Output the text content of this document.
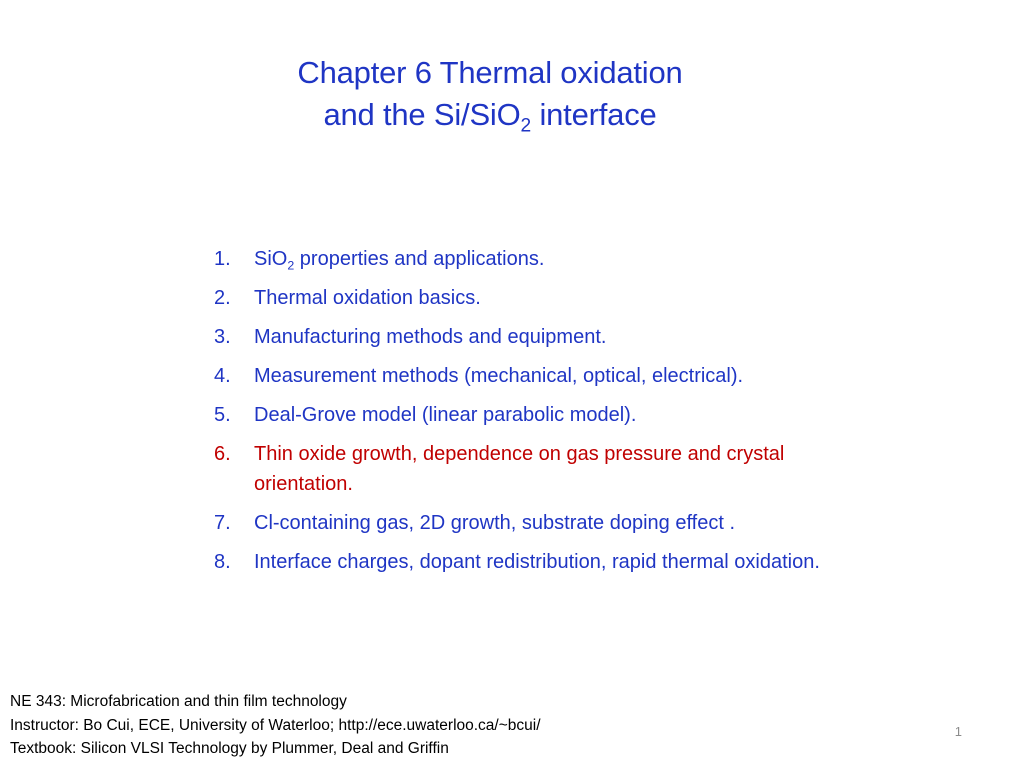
Chapter 6 Thermal oxidation
and the Si/SiO$_2$ interface
1. SiO$_2$ properties and applications.
2. Thermal oxidation basics.
3. Manufacturing methods and equipment.
4. Measurement methods (mechanical, optical, electrical).
5. Deal-Grove model (linear parabolic model).
6. Thin oxide growth, dependence on gas pressure and crystal orientation.
7. Cl-containing gas, 2D growth, substrate doping effect .
8. Interface charges, dopant redistribution, rapid thermal oxidation.
NE 343: Microfabrication and thin film technology
Instructor: Bo Cui, ECE, University of Waterloo; http://ece.uwaterloo.ca/~bcui/
Textbook: Silicon VLSI Technology by Plummer, Deal and Griffin
1
